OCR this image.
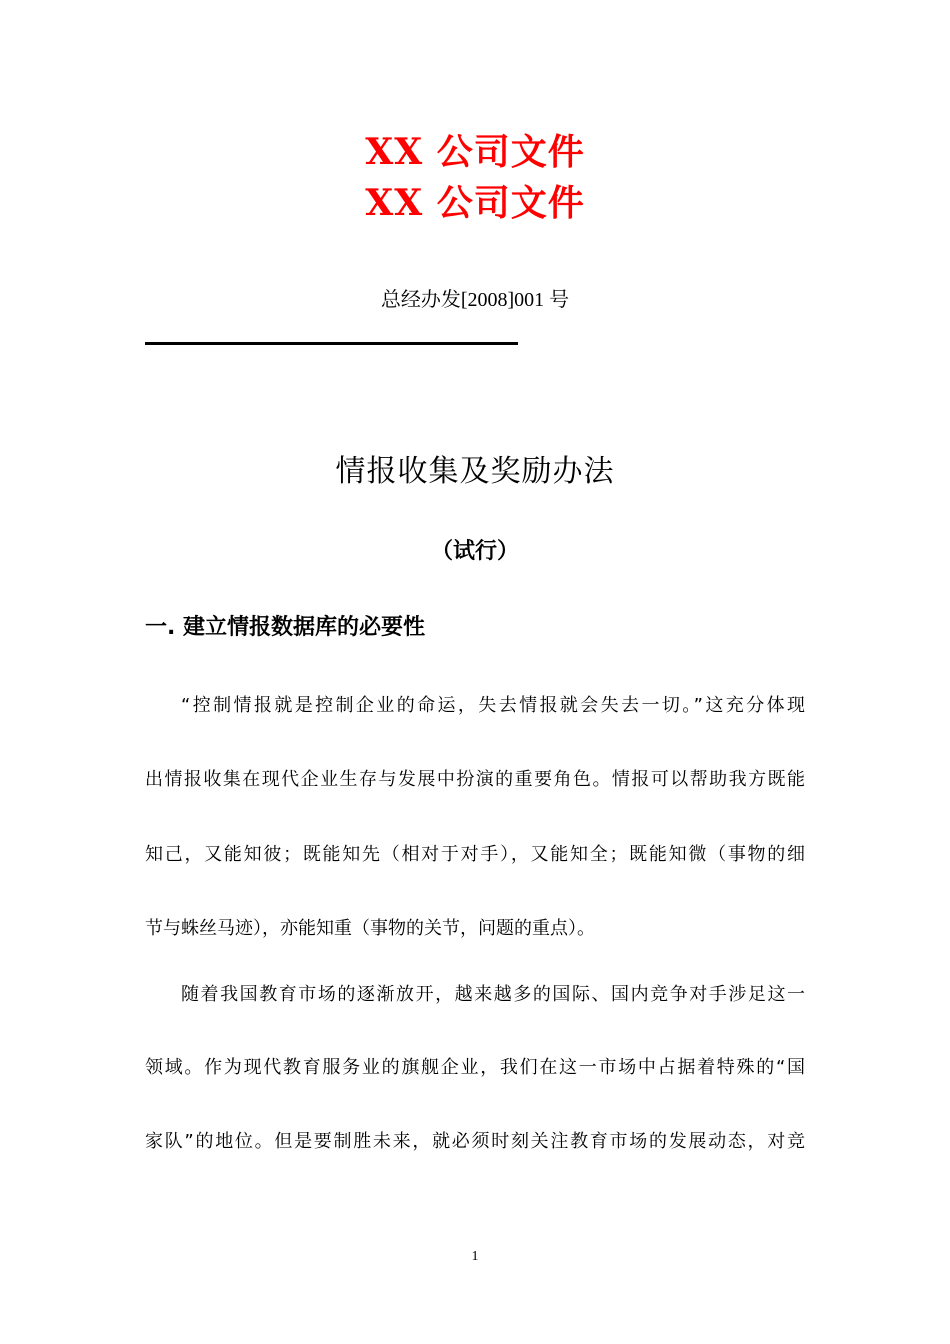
XX 公司文件
XX 公司文件
总经办发[2008]001 号
情报收集及奖励办法
（试行）
一. 建立情报数据库的必要性
“控制情报就是控制企业的命运，失去情报就会失去一切。”这充分体现
出情报收集在现代企业生存与发展中扮演的重要角色。情报可以帮助我方既能
知己，又能知彼；既能知先（相对于对手），又能知全；既能知微（事物的细
节与蛛丝马迹），亦能知重（事物的关节，问题的重点）。
随着我国教育市场的逐渐放开，越来越多的国际、国内竞争对手涉足这一
领域。作为现代教育服务业的旗舰企业，我们在这一市场中占据着特殊的“国
家队”的地位。但是要制胜未来，就必须时刻关注教育市场的发展动态，对竞
1
